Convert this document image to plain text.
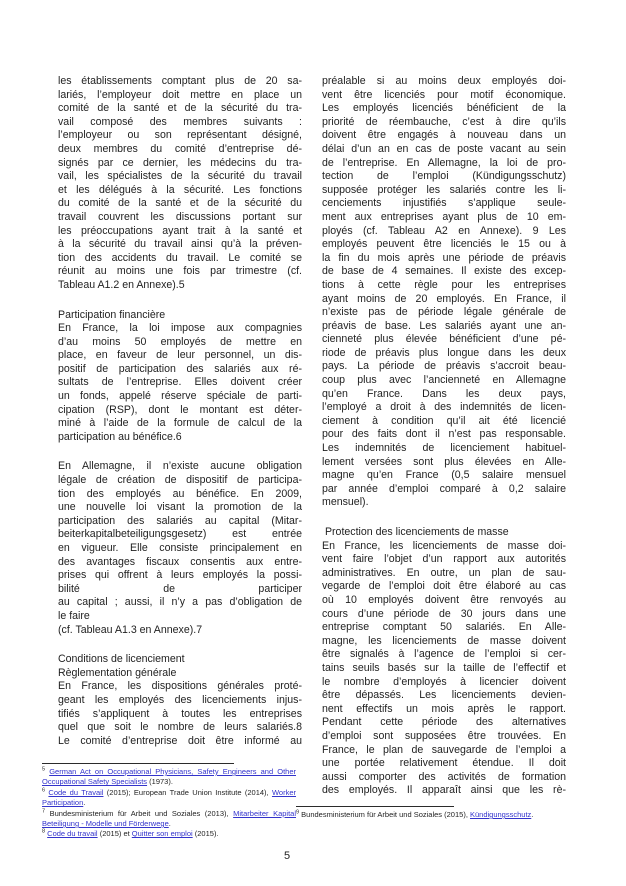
les établissements comptant plus de 20 sa-
lariés, l’employeur doit mettre en place un
comité de la santé et de la sécurité du tra-
vail composé des membres suivants :
l’employeur ou son représentant désigné,
deux membres du comité d’entreprise dé-
signés par ce dernier, les médecins du tra-
vail, les spécialistes de la sécurité du travail
et les délégués à la sécurité. Les fonctions
du comité de la santé et de la sécurité du
travail couvrent les discussions portant sur
les préoccupations ayant trait à la santé et
à la sécurité du travail ainsi qu’à la préven-
tion des accidents du travail. Le comité se
réunit au moins une fois par trimestre (cf.
Tableau A1.2 en Annexe).5
Participation financière
En France, la loi impose aux compagnies
d’au moins 50 employés de mettre en
place, en faveur de leur personnel, un dis-
positif de participation des salariés aux ré-
sultats de l’entreprise. Elles doivent créer
un fonds, appelé réserve spéciale de parti-
cipation (RSP), dont le montant est déter-
miné à l’aide de la formule de calcul de la
participation au bénéfice.6
En Allemagne, il n’existe aucune obligation
légale de création de dispositif de participa-
tion des employés au bénéfice. En 2009,
une nouvelle loi visant la promotion de la
participation des salariés au capital (Mitar-
beiterkapitalbeteiligungsgesetz) est entrée
en vigueur. Elle consiste principalement en
des avantages fiscaux consentis aux entre-
prises qui offrent à leurs employés la possi-
bilité de participer
au capital ; aussi, il n’y a pas d’obligation de
le faire
(cf. Tableau A1.3 en Annexe).7
Conditions de licenciement
Règlementation générale
En France, les dispositions générales proté-
geant les employés des licenciements injus-
tifiés s’appliquent à toutes les entreprises
quel que soit le nombre de leurs salariés.8
Le comité d’entreprise doit être informé au
préalable si au moins deux employés doi-
vent être licenciés pour motif économique.
Les employés licenciés bénéficient de la
priorité de réembauche, c’est à dire qu’ils
doivent être engagés à nouveau dans un
délai d’un an en cas de poste vacant au sein
de l’entreprise. En Allemagne, la loi de pro-
tection de l’emploi (Kündigungsschutz)
supposée protéger les salariés contre les li-
cenciements injustifiés s’applique seule-
ment aux entreprises ayant plus de 10 em-
ployés (cf. Tableau A2 en Annexe). 9 Les
employés peuvent être licenciés le 15 ou à
la fin du mois après une période de préavis
de base de 4 semaines. Il existe des excep-
tions à cette règle pour les entreprises
ayant moins de 20 employés. En France, il
n’existe pas de période légale générale de
préavis de base. Les salariés ayant une an-
cienneté plus élevée bénéficient d’une pé-
riode de préavis plus longue dans les deux
pays. La période de préavis s’accroit beau-
coup plus avec l’ancienneté en Allemagne
qu’en France. Dans les deux pays,
l’employé a droit à des indemnités de licen-
ciement à condition qu’il ait été licencié
pour des faits dont il n’est pas responsable.
Les indemnités de licenciement habituel-
lement versées sont plus élevées en Alle-
magne qu’en France (0,5 salaire mensuel
par année d’emploi comparé à 0,2 salaire
mensuel).
Protection des licenciements de masse
En France, les licenciements de masse doi-
vent faire l’objet d’un rapport aux autorités
administratives. En outre, un plan de sau-
vegarde de l’emploi doit être élaboré au cas
où 10 employés doivent être renvoyés au
cours d’une période de 30 jours dans une
entreprise comptant 50 salariés. En Alle-
magne, les licenciements de masse doivent
être signalés à l’agence de l’emploi si cer-
tains seuils basés sur la taille de l’effectif et
le nombre d’employés à licencier doivent
être dépassés. Les licenciements devien-
nent effectifs un mois après le rapport.
Pendant cette période des alternatives
d’emploi sont supposées être trouvées. En
France, le plan de sauvegarde de l’emploi a
une portée relativement étendue. Il doit
aussi comporter des activités de formation
des employés. Il apparaît ainsi que les rè-
$^5$ German Act on Occupational Physicians, Safety Engineers and Other Occupational Safety Specialists (1973).
$^6$ Code du Travail (2015); European Trade Union Institute (2014), Worker Participation.
$^7$ Bundesministerium für Arbeit und Soziales (2013), Mitarbeiter Kapital Beteiligung - Modelle und Förderwege.
$^8$ Code du travail (2015) et Quitter son emploi (2015).
$^9$ Bundesministerium für Arbeit und Soziales (2015), Kündigungsschutz.
5
